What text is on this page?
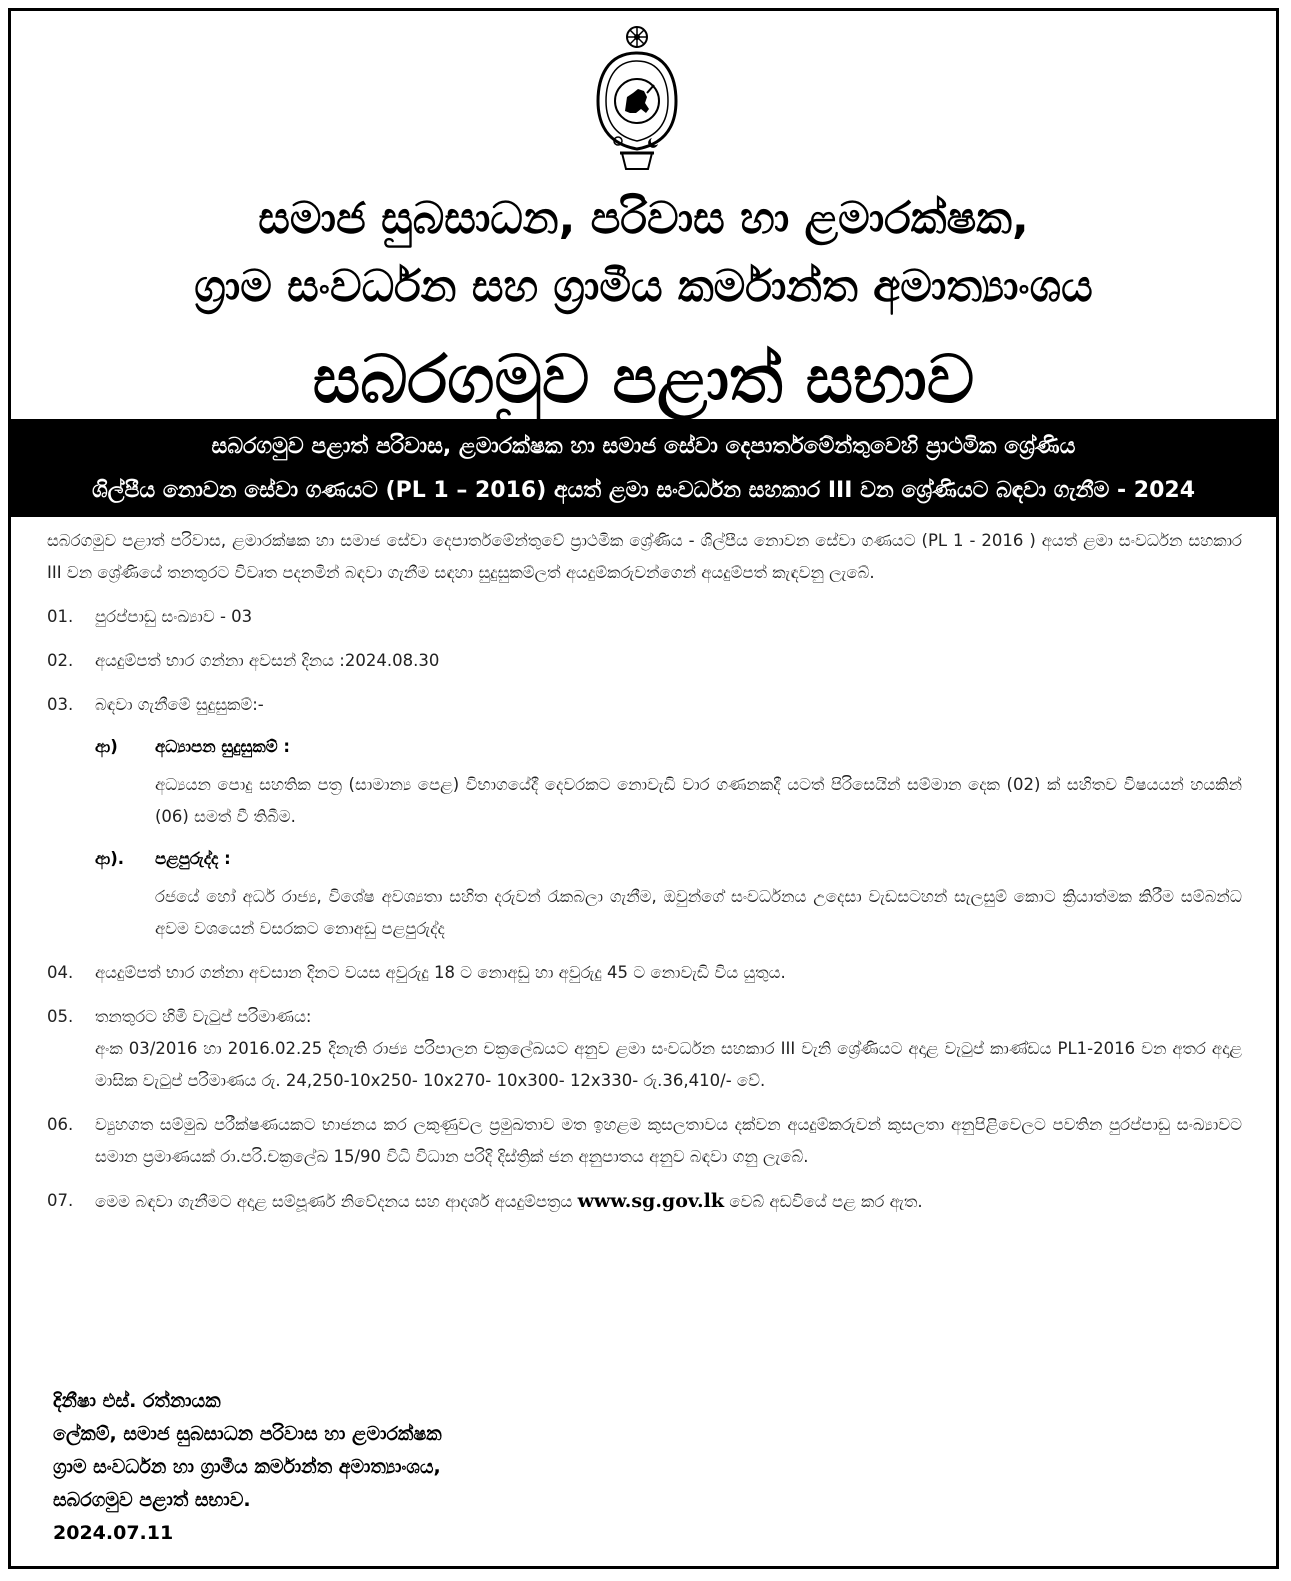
සමාජ සුබසාධන, පරිවාස හා ළමාරක්ෂක,
ග්‍රාම සංවර්ධන සහ ග්‍රාමීය කර්මාන්ත අමාත්‍යාංශය
සබරගමුව පළාත් සභාව
සබරගමුව පළාත් පරිවාස, ළමාරක්ෂක හා සමාජ සේවා දෙපාර්තමේන්තුවෙහි ප්‍රාථමික ශ්‍රේණිය
ශිල්පීය නොවන සේවා ගණයට (PL 1 – 2016) අයත් ළමා සංවර්ධන සහකාර III වන ශ්‍රේණියට බඳවා ගැනීම - 2024
සබරගමුව පළාත් පරිවාස, ළමාරක්ෂක හා සමාජ සේවා දෙපාර්තමේන්තුවේ ප්‍රාථමික ශ්‍රේණිය - ශිල්පීය නොවන සේවා ගණයට (PL 1 - 2016 ) අයත් ළමා සංවර්ධන සහකාර III වන ශ්‍රේණියේ තනතුරට විවෘත පදනමින් බඳවා ගැනීම සඳහා සුදුසුකම්ලත් අයදුම්කරුවන්ගෙන් අයදුම්පත් කැඳවනු ලැබේ.
01.	පුරප්පාඩු සංඛ්‍යාව - 03
02.	අයදුම්පත් භාර ගන්නා අවසන් දිනය :2024.08.30
03.	බඳවා ගැනීමේ සුදුසුකම්:-
ආ)	අධ්‍යාපන සුදුසුකම් :
අධ්‍යයන පොදු සහතික පත්‍ර (සාමාන්‍ය පෙළ) විභාගයේදී දෙවරකට නොවැඩි වාර ගණනකදී යටත් පිරිසෙයින් සම්මාන දෙක (02) ක් සහිතව විෂයයන් හයකින් (06) සමත් වී තිබීම.
ආ).	පළපුරුද්ද :
රජයේ හෝ අර්ධ රාජ්‍ය, විශේෂ අවශ්‍යතා සහිත දරුවන් රැකබලා ගැනීම, ඔවුන්ගේ සංවර්ධනය උදෙසා වැඩසටහන් සැලසුම් කොට ක්‍රියාත්මක කිරීම සම්බන්ධ අවම වශයෙන් වසරකට නොඅඩු පළපුරුද්ද
04.	අයදුම්පත් භාර ගන්නා අවසාන දිනට වයස අවුරුදු 18 ට නොඅඩු හා අවුරුදු 45 ට නොවැඩි විය යුතුය.
05.	තනතුරට හිමි වැටුප් පරිමාණය:
අංක 03/2016 හා 2016.02.25 දිනැති රාජ්‍ය පරිපාලන චක්‍රලේඛයට අනුව ළමා සංවර්ධන සහකාර III වැනි ශ්‍රේණියට අදාළ වැටුප් කාණ්ඩය PL1-2016 වන අතර අදාළ මාසික වැටුප් පරිමාණය රු. 24,250-10x250- 10x270- 10x300- 12x330- රු.36,410/- වේ.
06.	ව්‍යුහගත සම්මුඛ පරීක්ෂණයකට භාජනය කර ලකුණුවල ප්‍රමුඛතාව මත ඉහළම කුසලතාවය දක්වන අයදුම්කරුවන් කුසලතා අනුපිළිවෙලට පවතින පුරප්පාඩු සංඛ්‍යාවට සමාන ප්‍රමාණයක් රා.පරි.චක්‍රලේඛ 15/90 විධි විධාන පරිදි දිස්ත්‍රික් ජන අනුපාතය අනුව බඳවා ගනු ලැබේ.
07.	මෙම බඳවා ගැනීමට අදාළ සම්පූර්ණ නිවේදනය සහ ආදර්ශ අයදුම්පත්‍රය www.sg.gov.lk වෙබ් අඩවියේ පළ කර ඇත.
දිනීෂා එස්. රත්නායක
ලේකම්, සමාජ සුබසාධන පරිවාස හා ළමාරක්ෂක
ග්‍රාම සංවර්ධන හා ග්‍රාමීය කර්මාන්ත අමාත්‍යාංශය,
සබරගමුව පළාත් සභාව.
2024.07.11
